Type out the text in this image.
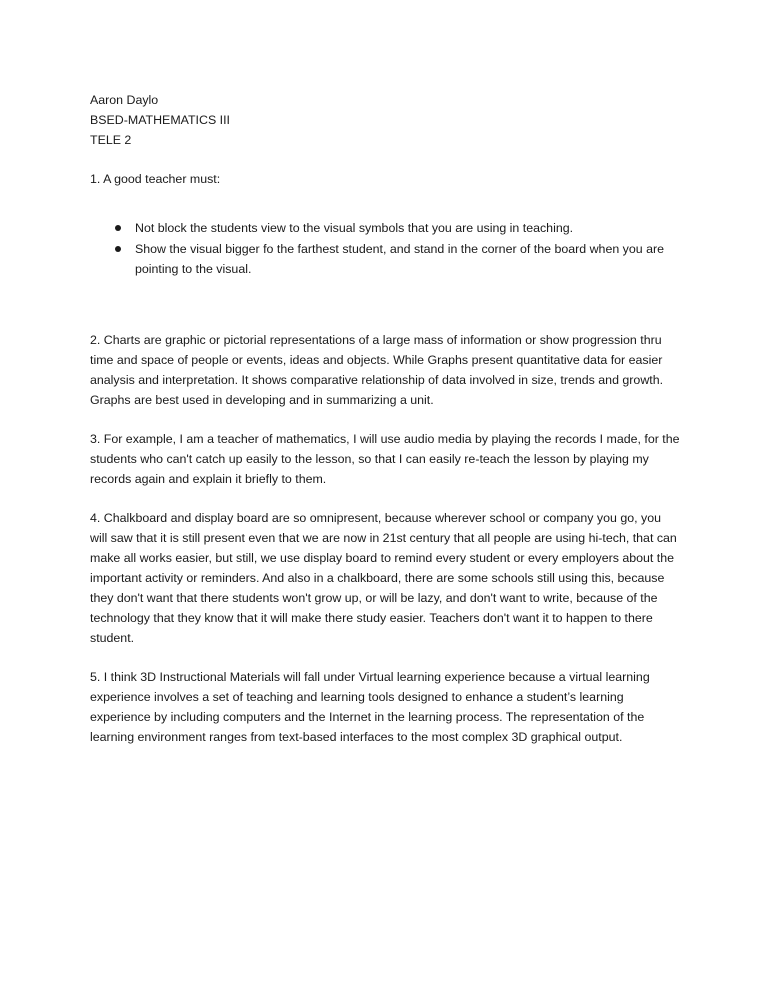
Aaron Daylo

BSED-MATHEMATICS III

TELE 2

1. A good teacher must:

Not block the students view to the visual symbols that you are using in teaching.
Show the visual bigger fo the farthest student, and stand in the corner of the board when you are pointing to the visual.

2. Charts are graphic or pictorial representations of a large mass of information or show progression thru time and space of people or events, ideas and objects. While Graphs present quantitative data for easier analysis and interpretation. It shows comparative relationship of data involved in size, trends and growth. Graphs are best used in developing and in summarizing a unit.

3. For example, I am a teacher of mathematics, I will use audio media by playing the records I made, for the students who can't catch up easily to the lesson, so that I can easily re-teach the lesson by playing my records again and explain it briefly to them.

4. Chalkboard and display board are so omnipresent, because wherever school or company you go, you will saw that it is still present even that we are now in 21st century that all people are using hi-tech, that can make all works easier, but still, we use display board to remind every student or every employers about the important activity or reminders. And also in a chalkboard, there are some schools still using this, because they don't want that there students won't grow up, or will be lazy, and don't want to write, because of the technology that they know that it will make there study easier. Teachers don't want it to happen to there student.

5. I think 3D Instructional Materials will fall under Virtual learning experience because a virtual learning experience involves a set of teaching and learning tools designed to enhance a student’s learning experience by including computers and the Internet in the learning process. The representation of the learning environment ranges from text-based interfaces to the most complex 3D graphical output.
